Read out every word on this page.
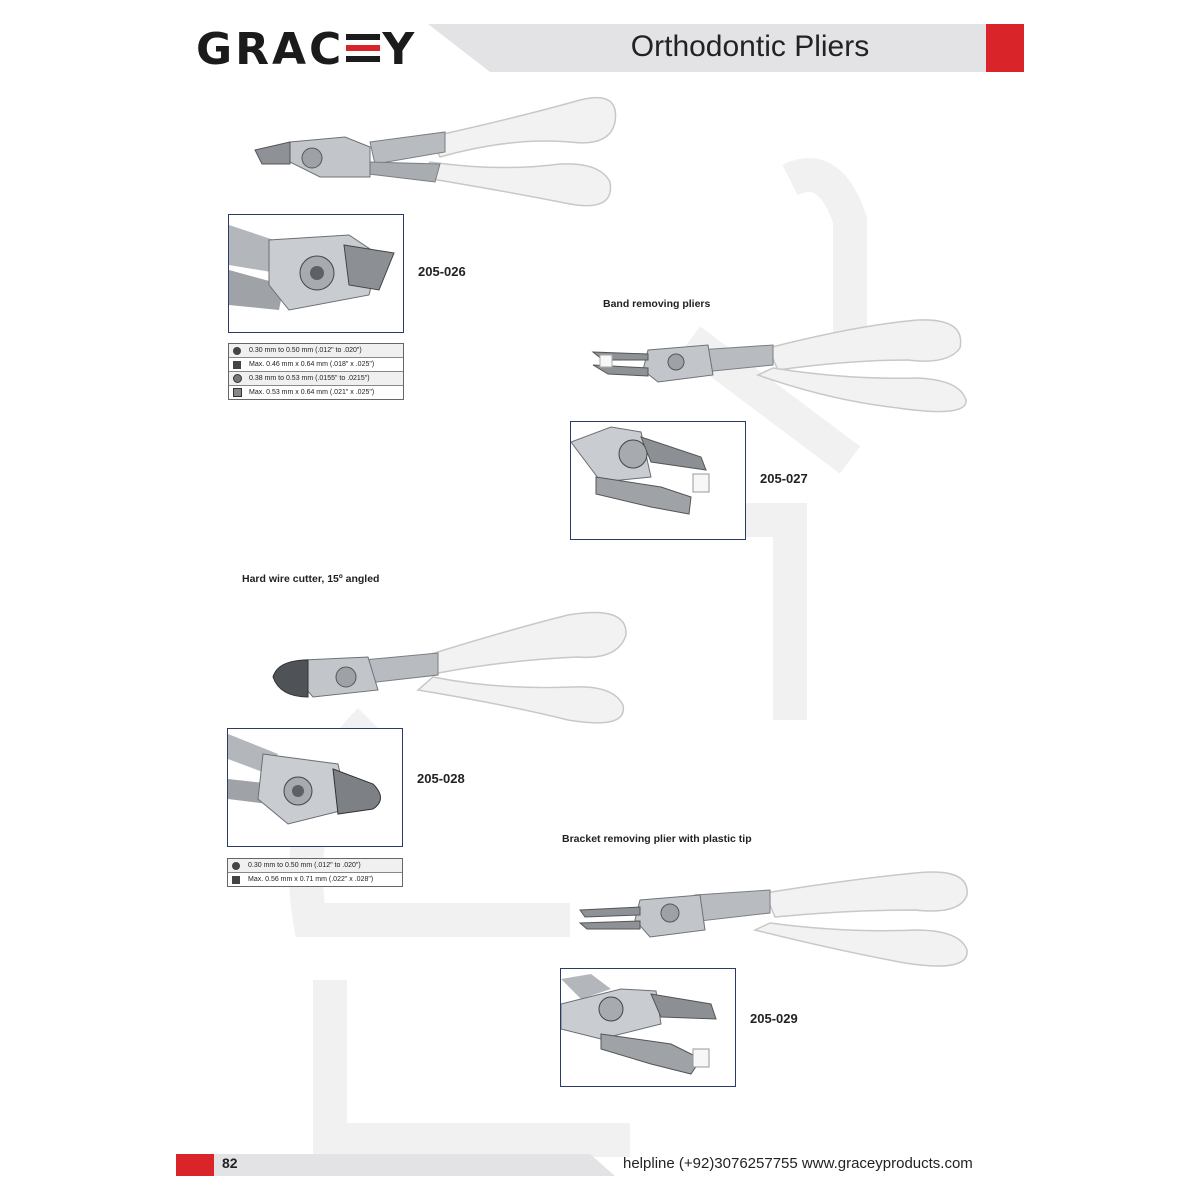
GRAC Y	Orthodontic Pliers
205-026
0.30 mm to 0.50 mm (.012" to .020")
Max. 0.46 mm x 0.64 mm (.018" x .025")
0.38 mm to 0.53 mm (.0155" to .0215")
Max. 0.53 mm x 0.64 mm (.021" x .025")
Band removing pliers
205-027
Hard wire cutter, 15º angled
205-028
0.30 mm to 0.50 mm (.012" to .020")
Max. 0.56 mm x 0.71 mm (.022" x .028")
Bracket removing plier with plastic tip
205-029
82	helpline (+92)3076257755 www.graceyproducts.com
